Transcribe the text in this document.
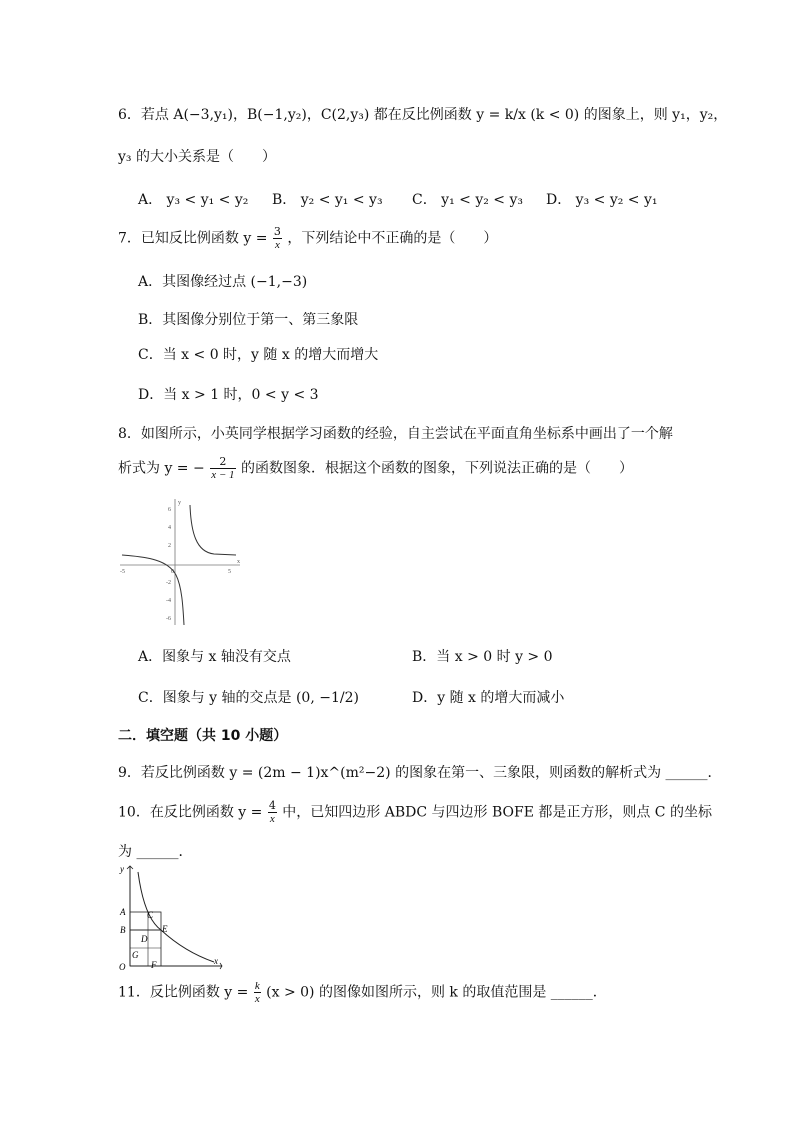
6．若点 A(−3,y₁)，B(−1,y₂)，C(2,y₃) 都在反比例函数 y = k/x (k < 0) 的图象上，则 y₁，y₂，
y₃ 的大小关系是（　　）
A． y₃ < y₁ < y₂ B． y₂ < y₁ < y₃ C． y₁ < y₂ < y₃ D． y₃ < y₂ < y₁
7．已知反比例函数 $y = \frac{3}{x}$ ，下列结论中不正确的是（　　）
A．其图像经过点 (−1,−3)
B．其图像分别位于第一、第三象限
C．当 x < 0 时，y 随 x 的增大而增大
D．当 x > 1 时，0 < y < 3
8．如图所示，小英同学根据学习函数的经验，自主尝试在平面直角坐标系中画出了一个解
析式为 y = − $\frac{2}{x - 1}$ 的函数图象．根据这个函数的图象，下列说法正确的是（　　）
-5	0	5
x
y
6
4
2
-2
-4
-6
A．图象与 x 轴没有交点	B．当 x > 0 时 y > 0
C．图象与 y 轴的交点是 (0, −1/2)	D．y 随 x 的增大而减小
二．填空题（共 10 小题）
9．若反比例函数 y = (2m − 1)x^(m²−2) 的图象在第一、三象限，则函数的解析式为 ______．
10．在反比例函数 $y = \frac{4}{x}$ 中，已知四边形 ABDC 与四边形 BOFE 都是正方形，则点 C 的坐标
为 ______．
y
x
O
A
B
C
D
E
F
G
11．反比例函数 $y = \frac{k}{x} (x > 0)$ 的图像如图所示，则 k 的取值范围是 ______．
